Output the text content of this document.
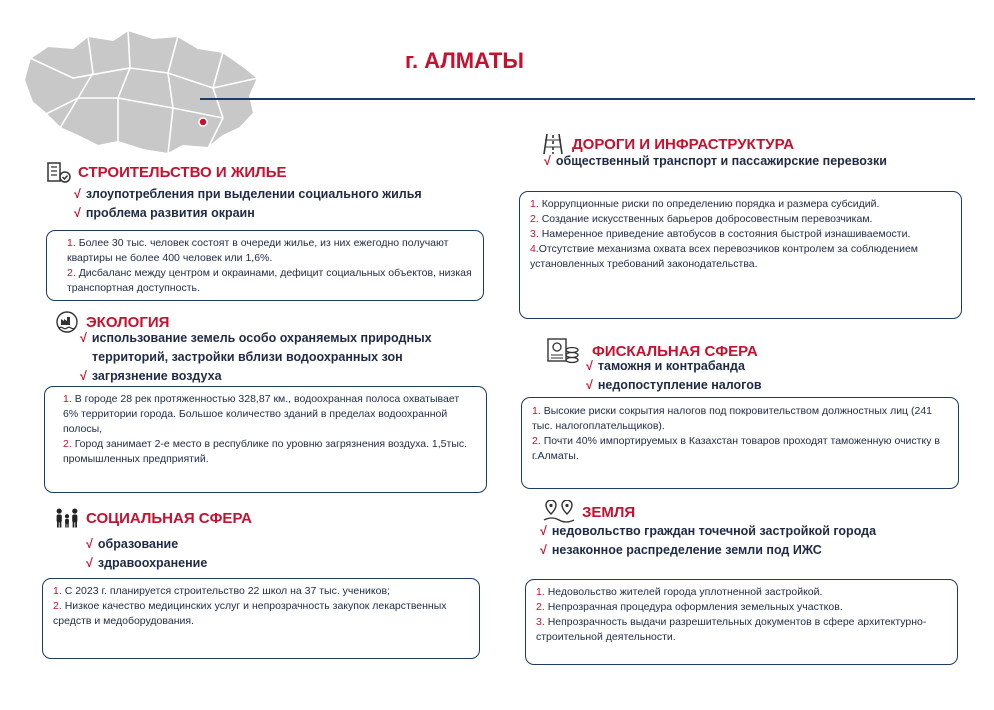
г. АЛМАТЫ
СТРОИТЕЛЬСТВО И ЖИЛЬЕ
√ злоупотребления при выделении социального жилья
√ проблема развития окраин

1. Более 30 тыс. человек состоят в очереди жилье, из них ежегодно получают квартиры не более 400 человек или 1,6%.

2. Дисбаланс между центром и окраинами, дефицит социальных объектов, низкая транспортная доступность.

ЭКОЛОГИЯ
√ использование земель особо охраняемых природных территорий, застройки вблизи водоохранных зон
√ загрязнение воздуха

1. В городе 28 рек протяженностью 328,87 км., водоохранная полоса охватывает 6% территории города. Большое количество зданий в пределах водоохранной полосы,

2. Город занимает 2-е место в республике по уровню загрязнения воздуха. 1,5тыс. промышленных предприятий.

СОЦИАЛЬНАЯ СФЕРА
√ образование
√ здравоохранение

1. С 2023 г. планируется строительство 22 школ на 37 тыс. учеников;

2. Низкое качество медицинских услуг и непрозрачность закупок лекарственных средств и медоборудования.

ДОРОГИ И ИНФРАСТРУКТУРА
√ общественный транспорт и пассажирские перевозки

1. Коррупционные риски по определению порядка и размера субсидий.

2. Создание искусственных барьеров добросовестным перевозчикам.

3. Намеренное приведение автобусов в состояния быстрой изнашиваемости.

4.Отсутствие механизма охвата всех перевозчиков контролем за соблюдением установленных требований законодательства.

ФИСКАЛЬНАЯ СФЕРА
√ таможня и контрабанда
√ недопоступление налогов

1. Высокие риски сокрытия налогов под покровительством должностных лиц (241 тыс. налогоплательщиков).

2. Почти 40% импортируемых в Казахстан товаров проходят таможенную очистку в г.Алматы.

ЗЕМЛЯ
√ недовольство граждан точечной застройкой города
√ незаконное распределение земли под ИЖС

1. Недовольство жителей города уплотненной застройкой.

2. Непрозрачная процедура оформления земельных участков.

3. Непрозрачность выдачи разрешительных документов в сфере архитектурно-строительной деятельности.
